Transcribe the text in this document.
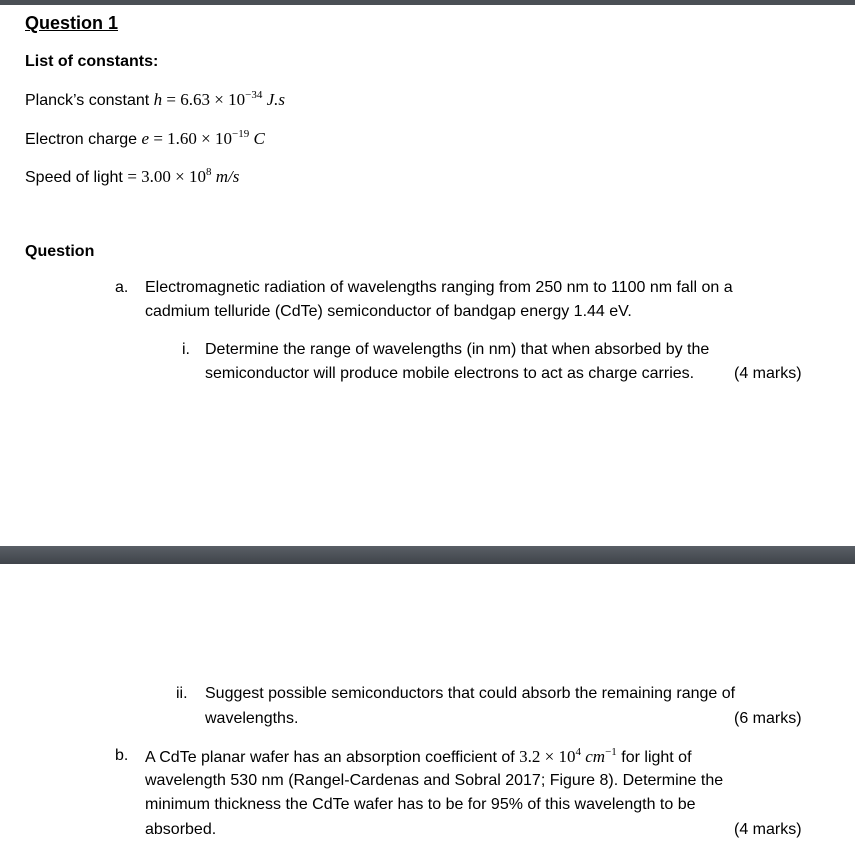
Question 1
List of constants:
Planck’s constant $h = 6.63 \times 10^{-34}$ J.s
Electron charge $e = 1.60 \times 10^{-19}$ C
Speed of light = $3.00 \times 10^8$ m/s
Question
a. Electromagnetic radiation of wavelengths ranging from 250 nm to 1100 nm fall on a
cadmium telluride (CdTe) semiconductor of bandgap energy 1.44 eV.
i. Determine the range of wavelengths (in nm) that when absorbed by the
semiconductor will produce mobile electrons to act as charge carries. (4 marks)
ii. Suggest possible semiconductors that could absorb the remaining range of
wavelengths.	(6 marks)
b. A CdTe planar wafer has an absorption coefficient of $3.2 \times 10^4$ $cm^{-1}$ for light of
wavelength 530 nm (Rangel-Cardenas and Sobral 2017; Figure 8). Determine the
minimum thickness the CdTe wafer has to be for 95% of this wavelength to be
absorbed.	(4 marks)
